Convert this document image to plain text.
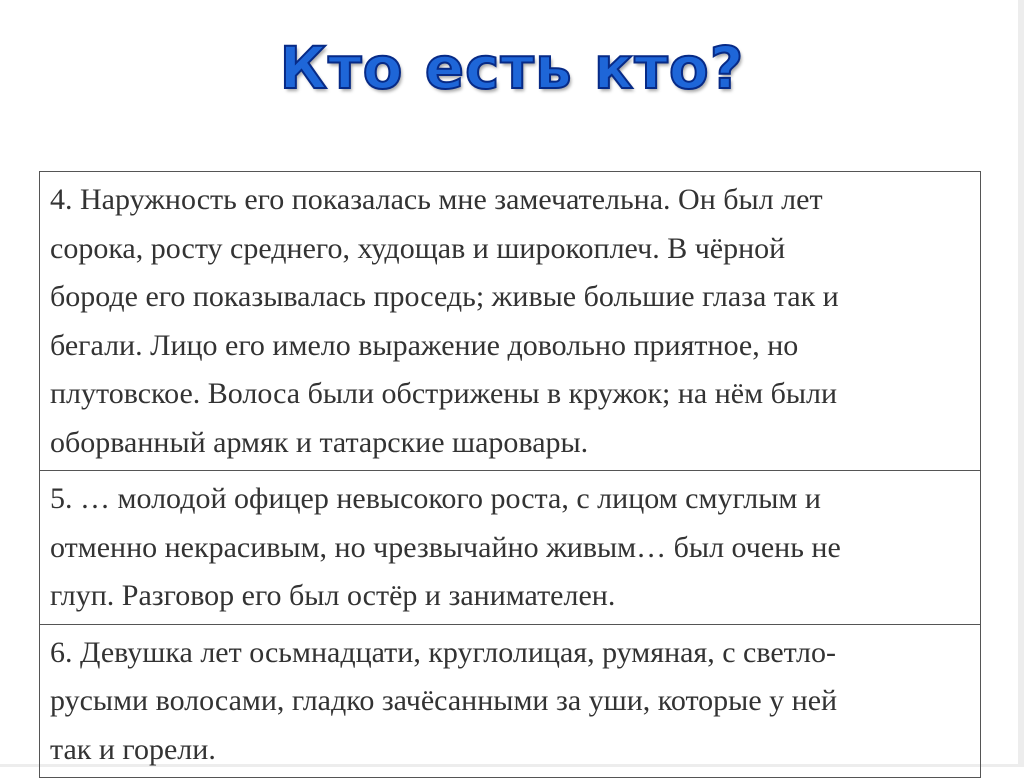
Кто есть кто?
4. Наружность его показалась мне замечательна. Он был лет
сорока, росту среднего, худощав и широкоплеч. В чёрной
бороде его показывалась проседь; живые большие глаза так и
бегали. Лицо его имело выражение довольно приятное, но
плутовское. Волоса были обстрижены в кружок; на нём были
оборванный армяк и татарские шаровары.
5. … молодой офицер невысокого роста, с лицом смуглым и
отменно некрасивым, но чрезвычайно живым… был очень не
глуп. Разговор его был остёр и занимателен.
6. Девушка лет осьмнадцати, круглолицая, румяная, с светло-
русыми волосами, гладко зачёсанными за уши, которые у ней
так и горели.
